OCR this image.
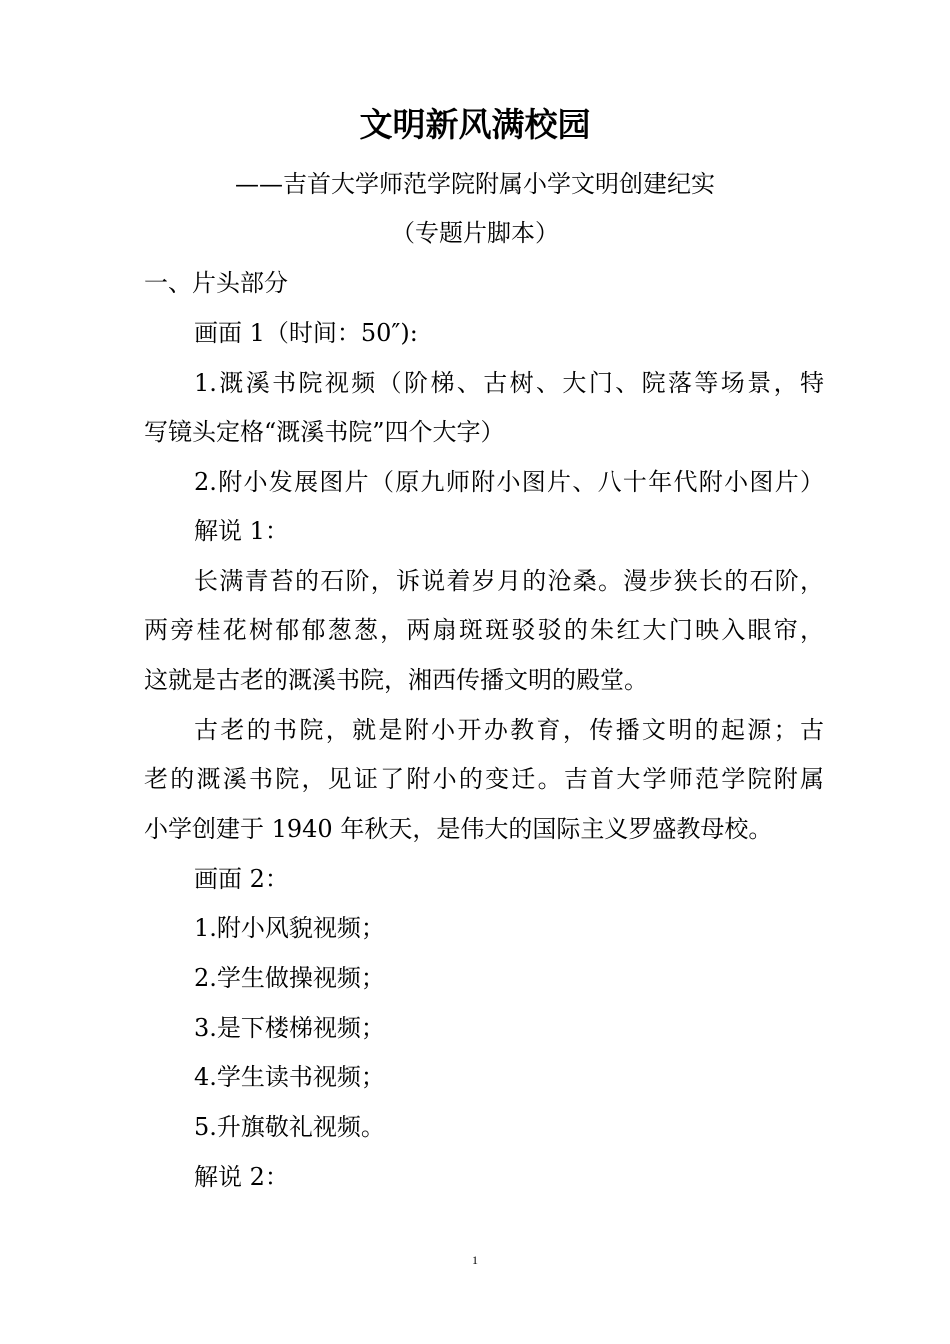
文明新风满校园
——吉首大学师范学院附属小学文明创建纪实
（专题片脚本）
一、片头部分
画面 1（时间：50″):
1.溉溪书院视频（阶梯、古树、大门、院落等场景，特
写镜头定格“溉溪书院”四个大字）
2.附小发展图片（原九师附小图片、八十年代附小图片）
解说 1：
长满青苔的石阶，诉说着岁月的沧桑。漫步狭长的石阶，
两旁桂花树郁郁葱葱，两扇斑斑驳驳的朱红大门映入眼帘，
这就是古老的溉溪书院，湘西传播文明的殿堂。
古老的书院，就是附小开办教育，传播文明的起源；古
老的溉溪书院，见证了附小的变迁。吉首大学师范学院附属
小学创建于 1940 年秋天，是伟大的国际主义罗盛教母校。
画面 2：
1.附小风貌视频；
2.学生做操视频；
3.是下楼梯视频；
4.学生读书视频；
5.升旗敬礼视频。
解说 2：
1
